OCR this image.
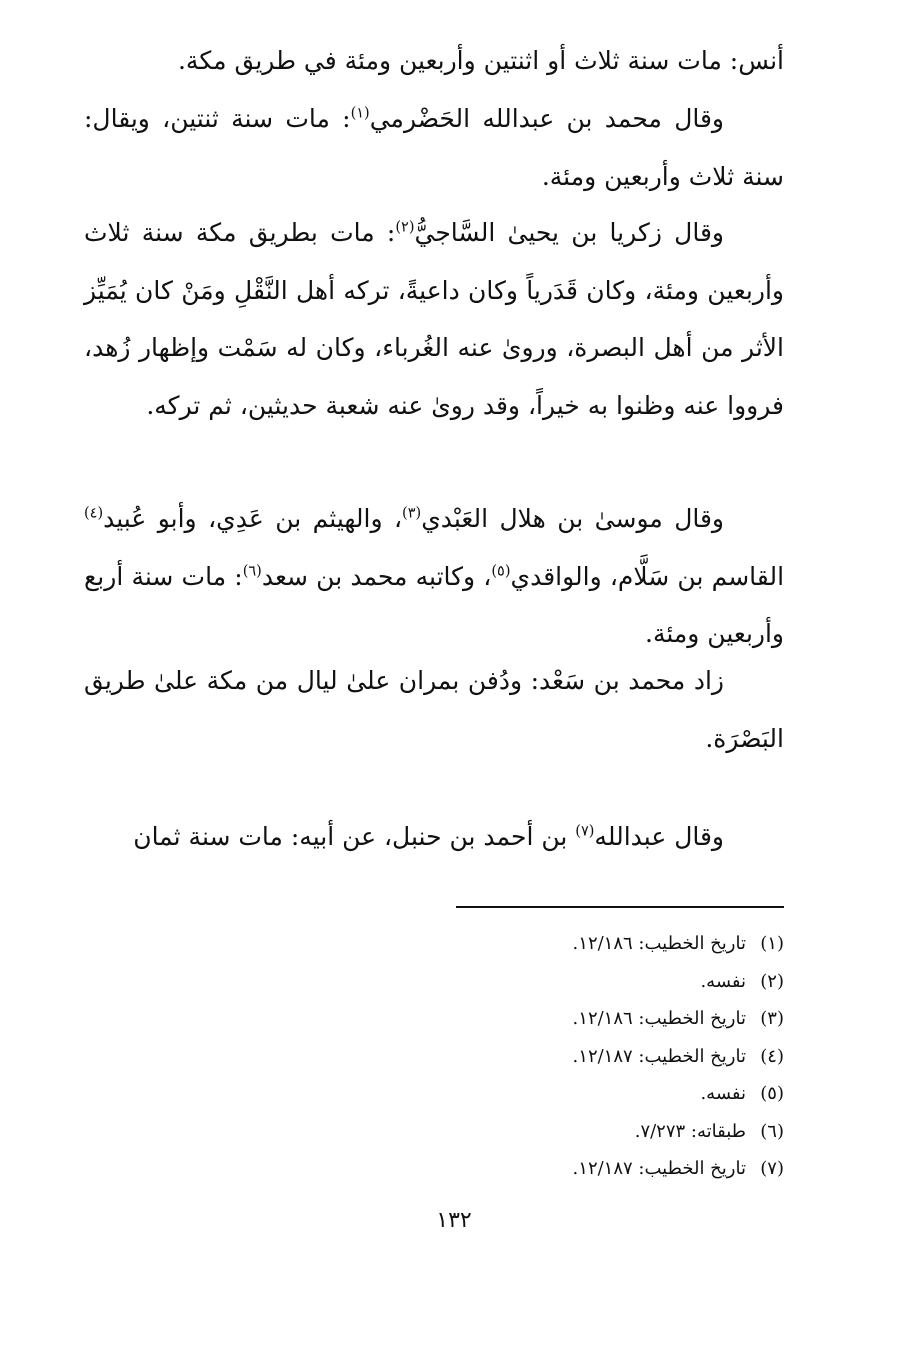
أنس: مات سنة ثلاث أو اثنتين وأربعين ومئة في طريق مكة.

وقال محمد بن عبدالله الحَضْرمي$^{(١)}$: مات سنة ثنتين، ويقال: سنة ثلاث وأربعين ومئة.

وقال زكريا بن يحيىٰ السَّاجيُّ$^{(٢)}$: مات بطريق مكة سنة ثلاث وأربعين ومئة، وكان قَدَرياً وكان داعيةً، تركه أهل النَّقْلِ ومَنْ كان يُمَيِّز الأثر من أهل البصرة، وروىٰ عنه الغُرباء، وكان له سَمْت وإظهار زُهد، فرووا عنه وظنوا به خيراً، وقد روىٰ عنه شعبة حديثين، ثم تركه.

وقال موسىٰ بن هلال العَبْدي$^{(٣)}$، والهيثم بن عَدِي، وأبو عُبيد$^{(٤)}$ القاسم بن سَلَّام، والواقدي$^{(٥)}$، وكاتبه محمد بن سعد$^{(٦)}$: مات سنة أربع وأربعين ومئة.

زاد محمد بن سَعْد: ودُفن بمران علىٰ ليال من مكة علىٰ طريق البَصْرَة.

وقال عبدالله$^{(٧)}$ بن أحمد بن حنبل، عن أبيه: مات سنة ثمان

(١)تاريخ الخطيب: ١٢/١٨٦.
(٢)نفسه.
(٣)تاريخ الخطيب: ١٢/١٨٦.
(٤)تاريخ الخطيب: ١٢/١٨٧.
(٥)نفسه.
(٦)طبقاته: ٧/٢٧٣.
(٧)تاريخ الخطيب: ١٢/١٨٧.

١٣٢
